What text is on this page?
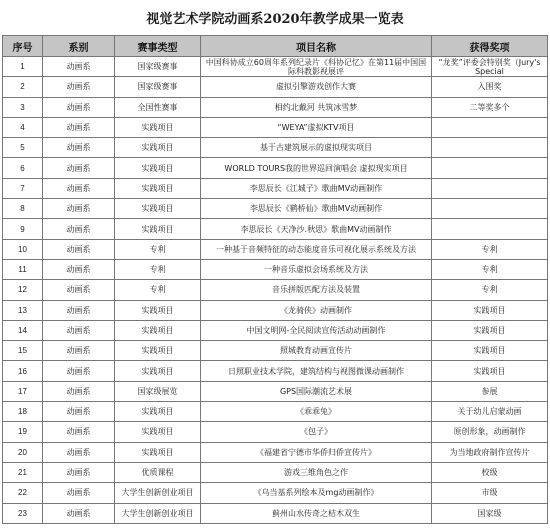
视觉艺术学院动画系2020年教学成果一览表
序号	系别	赛事类型	项目名称	获得奖项
1	动画系	国家级赛事	中国科协成立60周年系列纪录片《科协记忆》在第11届中国国际科教影视展评	“龙奖”评委会特别奖（Jury's Special
2	动画系	国家级赛事	虚拟引擎游戏创作大赛	入围奖
3	动画系	全国性赛事	相约北戴河 共筑冰雪梦	二等奖多个
4	动画系	实践项目	“WEYA”虚拟KTV项目	
5	动画系	实践项目	基于古建筑展示的虚拟现实项目	
6	动画系	实践项目	WORLD TOURS我的世界巡回演唱会 虚拟现实项目	
7	动画系	实践项目	李思辰长《江城子》歌曲MV动画制作	
8	动画系	实践项目	李思辰长《鹤桥仙》歌曲MV动画制作	
9	动画系	实践项目	李思辰长《天净沙.秋思》歌曲MV动画制作	
10	动画系	专利	一种基于音频特征的动态能度音乐可视化展示系统及方法	专利
11	动画系	专利	一种音乐虚拟会场系统及方法	专利
12	动画系	专利	音乐拼版匹配方法及装置	专利
13	动画系	实践项目	《龙骑侠》动画制作	实践项目
14	动画系	实践项目	中国文明网-全民阅读宣传活动动画制作	实践项目
15	动画系	实践项目	照城教育动画宣传片	实践项目
16	动画系	实践项目	日照职业技术学院，建筑结构与视图微课动画制作	实践项目
17	动画系	国家级展览	GPS国际潮流艺术展	参展
18	动画系	实践项目	《乖乖兔》	关于幼儿启蒙动画
19	动画系	实践项目	《包子》	原创形象，动画制作
20	动画系	实践项目	《福建省宁德市华侨归侨宣传片》	为当地政府制作宣传片
21	动画系	优质课程	游戏三维角色之作	校级
22	动画系	大学生创新创业项目	《乌当基系列绘本及mg动画制作》	市级
23	动画系	大学生创新创业项目	蓟州山水传奇之桔木双生	国家级
